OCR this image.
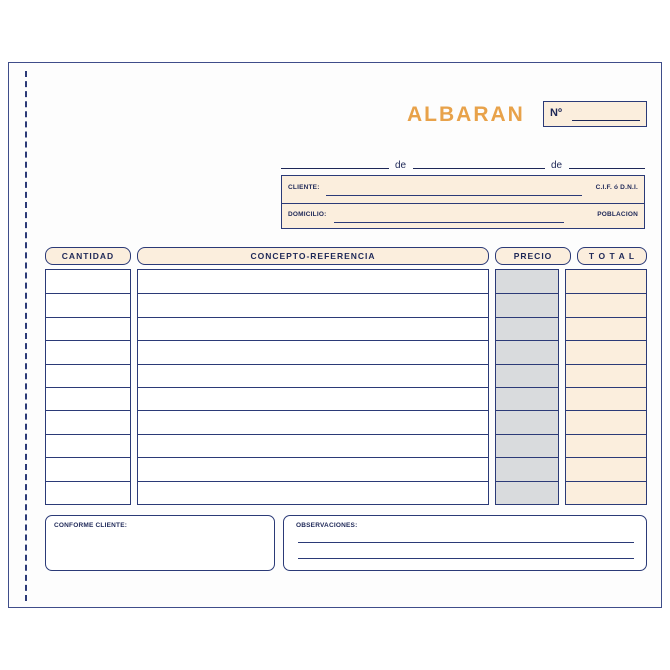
ALBARAN Nº
de	de
CLIENTE:	C.I.F. ó D.N.I.
DOMICILIO:	POBLACION
CANTIDAD	CONCEPTO-REFERENCIA	PRECIO	T O T A L
CONFORME CLIENTE:	OBSERVACIONES:
